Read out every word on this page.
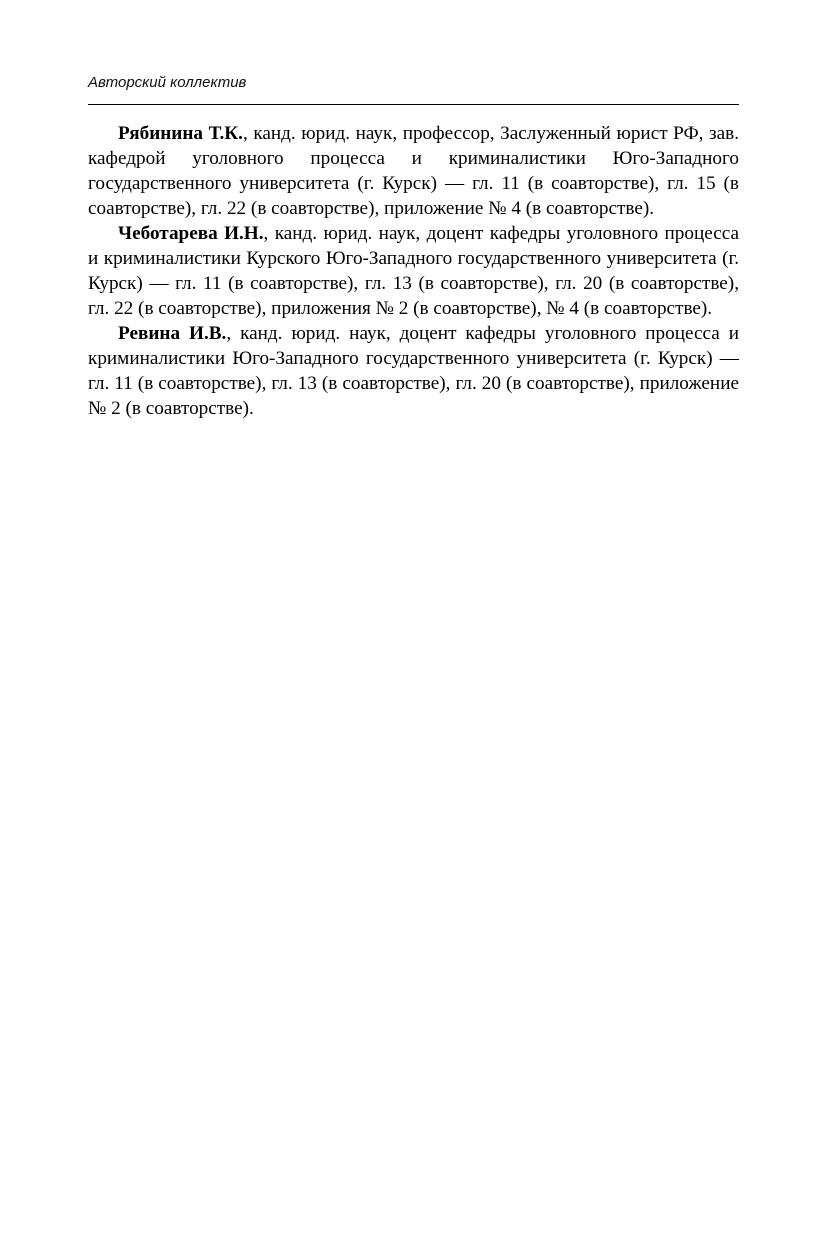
Авторский коллектив

Рябинина Т.К., канд. юрид. наук, профессор, Заслуженный юрист РФ, зав. кафедрой уголовного процесса и криминалистики Юго-Западного государственного университета (г. Курск) — гл. 11 (в соавторстве), гл. 15 (в соавторстве), гл. 22 (в соавторстве), приложение № 4 (в соавторстве).

Чеботарева И.Н., канд. юрид. наук, доцент кафедры уголовного процесса и криминалистики Курского Юго-Западного государственного университета (г. Курск) — гл. 11 (в соавторстве), гл. 13 (в соавторстве), гл. 20 (в соавторстве), гл. 22 (в соавторстве), приложения № 2 (в соавторстве), № 4 (в соавторстве).

Ревина И.В., канд. юрид. наук, доцент кафедры уголовного процесса и криминалистики Юго-Западного государственного университета (г. Курск) — гл. 11 (в соавторстве), гл. 13 (в соавторстве), гл. 20 (в соавторстве), приложение № 2 (в соавторстве).
